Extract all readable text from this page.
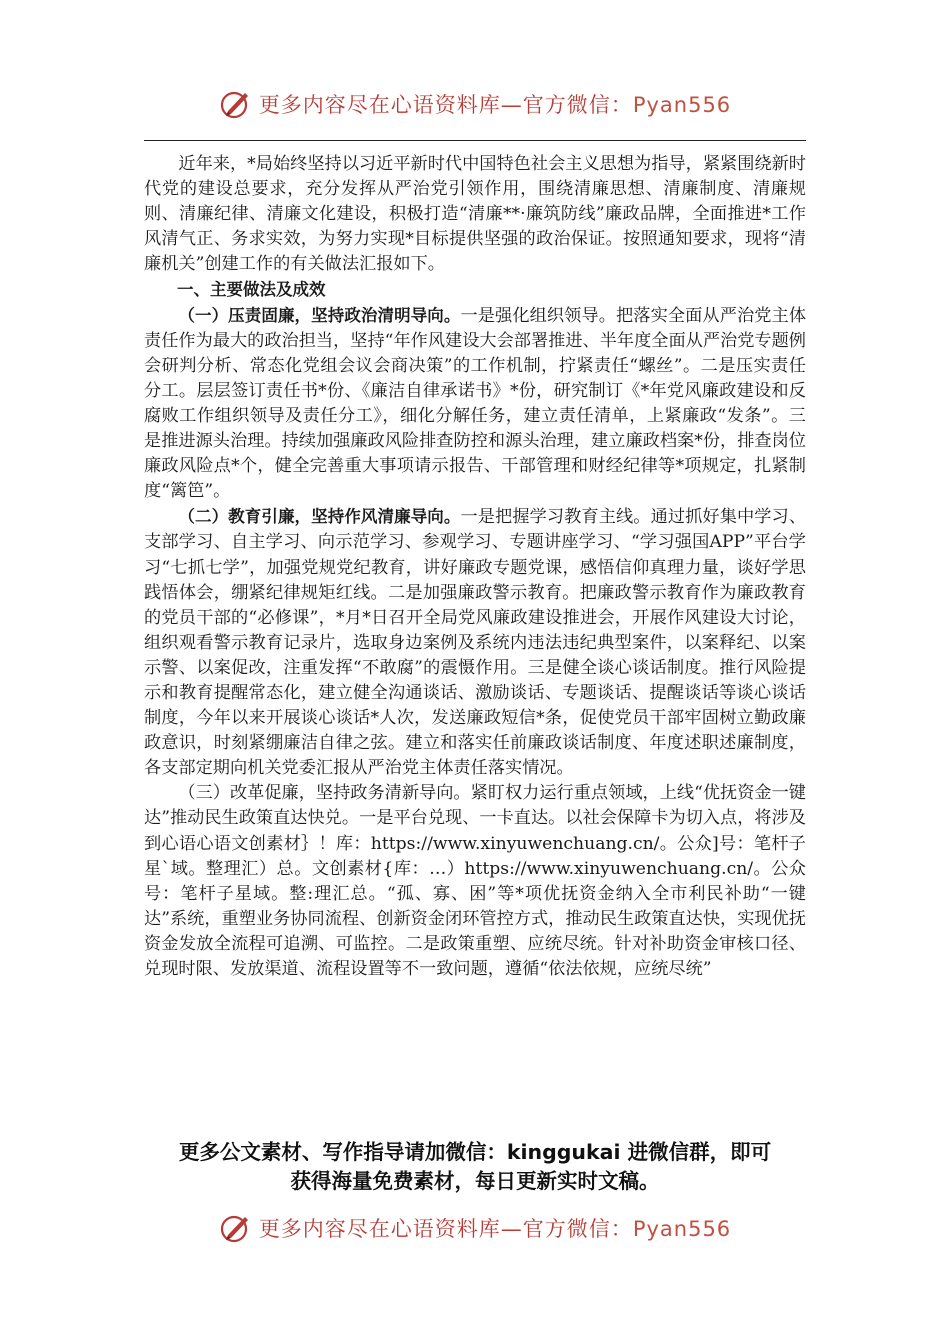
更多内容尽在心语资料库—官方微信：Pyan556

近年来，*局始终坚持以习近平新时代中国特色社会主义思想为指导，紧紧围绕新时代党的建设总要求，充分发挥从严治党引领作用，围绕清廉思想、清廉制度、清廉规则、清廉纪律、清廉文化建设，积极打造“清廉**·廉筑防线”廉政品牌，全面推进*工作风清气正、务求实效，为努力实现*目标提供坚强的政治保证。按照通知要求，现将“清廉机关”创建工作的有关做法汇报如下。

一、主要做法及成效

（一）压责固廉，坚持政治清明导向。一是强化组织领导。把落实全面从严治党主体责任作为最大的政治担当，坚持“年作风建设大会部署推进、半年度全面从严治党专题例会研判分析、常态化党组会议会商决策”的工作机制，拧紧责任“螺丝”。二是压实责任分工。层层签订责任书*份、《廉洁自律承诺书》*份，研究制订《*年党风廉政建设和反腐败工作组织领导及责任分工》，细化分解任务，建立责任清单，上紧廉政“发条”。三是推进源头治理。持续加强廉政风险排查防控和源头治理，建立廉政档案*份，排查岗位廉政风险点*个，健全完善重大事项请示报告、干部管理和财经纪律等*项规定，扎紧制度“篱笆”。

（二）教育引廉，坚持作风清廉导向。一是把握学习教育主线。通过抓好集中学习、支部学习、自主学习、向示范学习、参观学习、专题讲座学习、“学习强国APP”平台学习“七抓七学”，加强党规党纪教育，讲好廉政专题党课，感悟信仰真理力量，谈好学思践悟体会，绷紧纪律规矩红线。二是加强廉政警示教育。把廉政警示教育作为廉政教育的党员干部的“必修课”，*月*日召开全局党风廉政建设推进会，开展作风建设大讨论，组织观看警示教育记录片，选取身边案例及系统内违法违纪典型案件，以案释纪、以案示警、以案促改，注重发挥“不敢腐”的震慑作用。三是健全谈心谈话制度。推行风险提示和教育提醒常态化，建立健全沟通谈话、激励谈话、专题谈话、提醒谈话等谈心谈话制度，今年以来开展谈心谈话*人次，发送廉政短信*条，促使党员干部牢固树立勤政廉政意识，时刻紧绷廉洁自律之弦。建立和落实任前廉政谈话制度、年度述职述廉制度，各支部定期向机关党委汇报从严治党主体责任落实情况。

（三）改革促廉，坚持政务清新导向。紧盯权力运行重点领域，上线“优抚资金一键达”推动民生政策直达快兑。一是平台兑现、一卡直达。以社会保障卡为切入点，将涉及到心语心语文创素材｝！库：https://www.xinyuwenchuang.cn/。公众]号：笔杆子星`域。整理汇）总。文创素材{库：…）https://www.xinyuwenchuang.cn/。公众号：笔杆子星域。整:理汇总。“孤、寡、困”等*项优抚资金纳入全市利民补助“一键达”系统，重塑业务协同流程、创新资金闭环管控方式，推动民生政策直达快，实现优抚资金发放全流程可追溯、可监控。二是政策重塑、应统尽统。针对补助资金审核口径、兑现时限、发放渠道、流程设置等不一致问题，遵循“依法依规，应统尽统”

更多公文素材、写作指导请加微信：kinggukai 进微信群，即可
获得海量免费素材，每日更新实时文稿。
更多内容尽在心语资料库—官方微信：Pyan556
